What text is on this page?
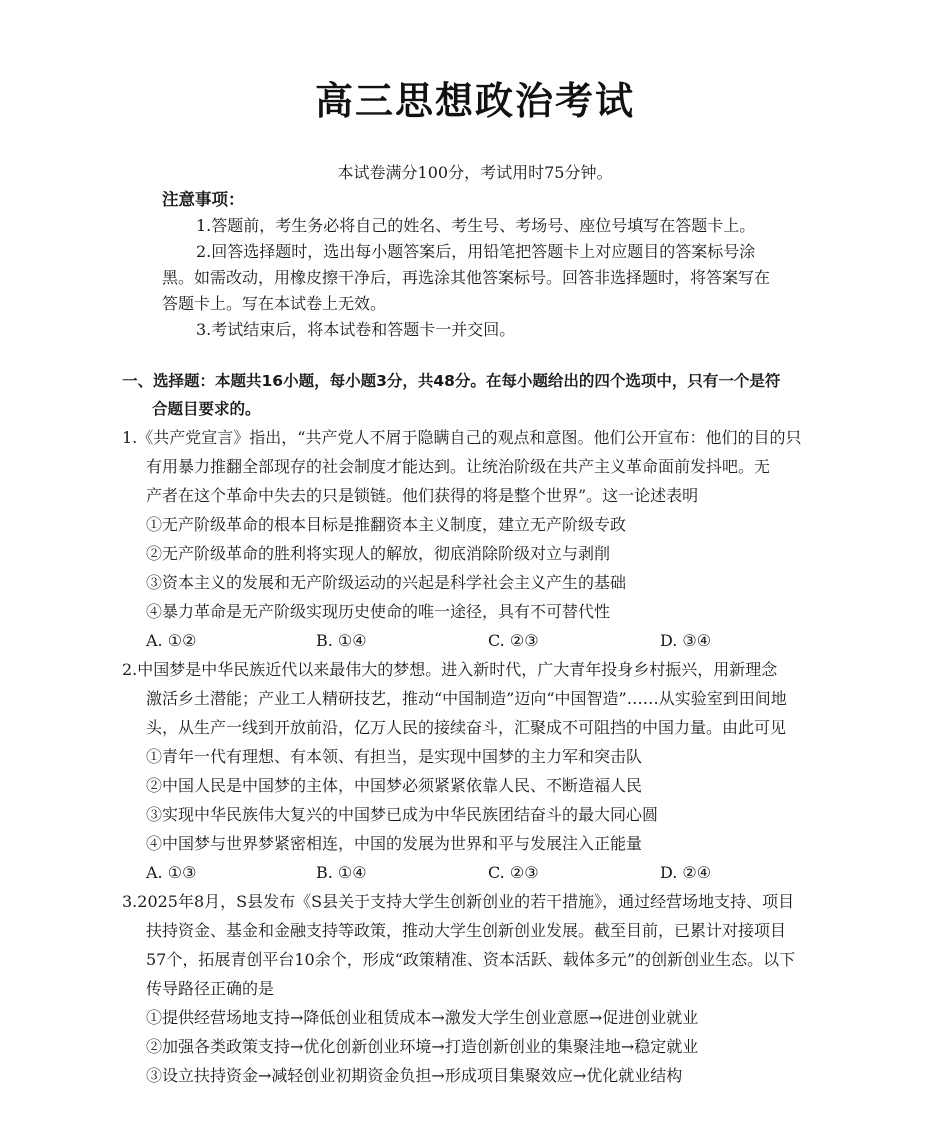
高三思想政治考试
本试卷满分100分，考试用时75分钟。
注意事项：
1.答题前，考生务必将自己的姓名、考生号、考场号、座位号填写在答题卡上。
2.回答选择题时，选出每小题答案后，用铅笔把答题卡上对应题目的答案标号涂
黑。如需改动，用橡皮擦干净后，再选涂其他答案标号。回答非选择题时，将答案写在
答题卡上。写在本试卷上无效。
3.考试结束后，将本试卷和答题卡一并交回。
一、选择题：本题共16小题，每小题3分，共48分。在每小题给出的四个选项中，只有一个是符
合题目要求的。
1.《共产党宣言》指出，“共产党人不屑于隐瞒自己的观点和意图。他们公开宣布：他们的目的只
有用暴力推翻全部现存的社会制度才能达到。让统治阶级在共产主义革命面前发抖吧。无
产者在这个革命中失去的只是锁链。他们获得的将是整个世界”。这一论述表明
①无产阶级革命的根本目标是推翻资本主义制度，建立无产阶级专政
②无产阶级革命的胜利将实现人的解放，彻底消除阶级对立与剥削
③资本主义的发展和无产阶级运动的兴起是科学社会主义产生的基础
④暴力革命是无产阶级实现历史使命的唯一途径，具有不可替代性
A. ①②	B. ①④	C. ②③	D. ③④
2.中国梦是中华民族近代以来最伟大的梦想。进入新时代，广大青年投身乡村振兴，用新理念
激活乡土潜能；产业工人精研技艺，推动“中国制造”迈向“中国智造”……从实验室到田间地
头，从生产一线到开放前沿，亿万人民的接续奋斗，汇聚成不可阻挡的中国力量。由此可见
①青年一代有理想、有本领、有担当，是实现中国梦的主力军和突击队
②中国人民是中国梦的主体，中国梦必须紧紧依靠人民、不断造福人民
③实现中华民族伟大复兴的中国梦已成为中华民族团结奋斗的最大同心圆
④中国梦与世界梦紧密相连，中国的发展为世界和平与发展注入正能量
A. ①③	B. ①④	C. ②③	D. ②④
3.2025年8月，S县发布《S县关于支持大学生创新创业的若干措施》，通过经营场地支持、项目
扶持资金、基金和金融支持等政策，推动大学生创新创业发展。截至目前，已累计对接项目
57个，拓展青创平台10余个，形成“政策精准、资本活跃、载体多元”的创新创业生态。以下
传导路径正确的是
①提供经营场地支持→降低创业租赁成本→激发大学生创业意愿→促进创业就业
②加强各类政策支持→优化创新创业环境→打造创新创业的集聚洼地→稳定就业
③设立扶持资金→减轻创业初期资金负担→形成项目集聚效应→优化就业结构
